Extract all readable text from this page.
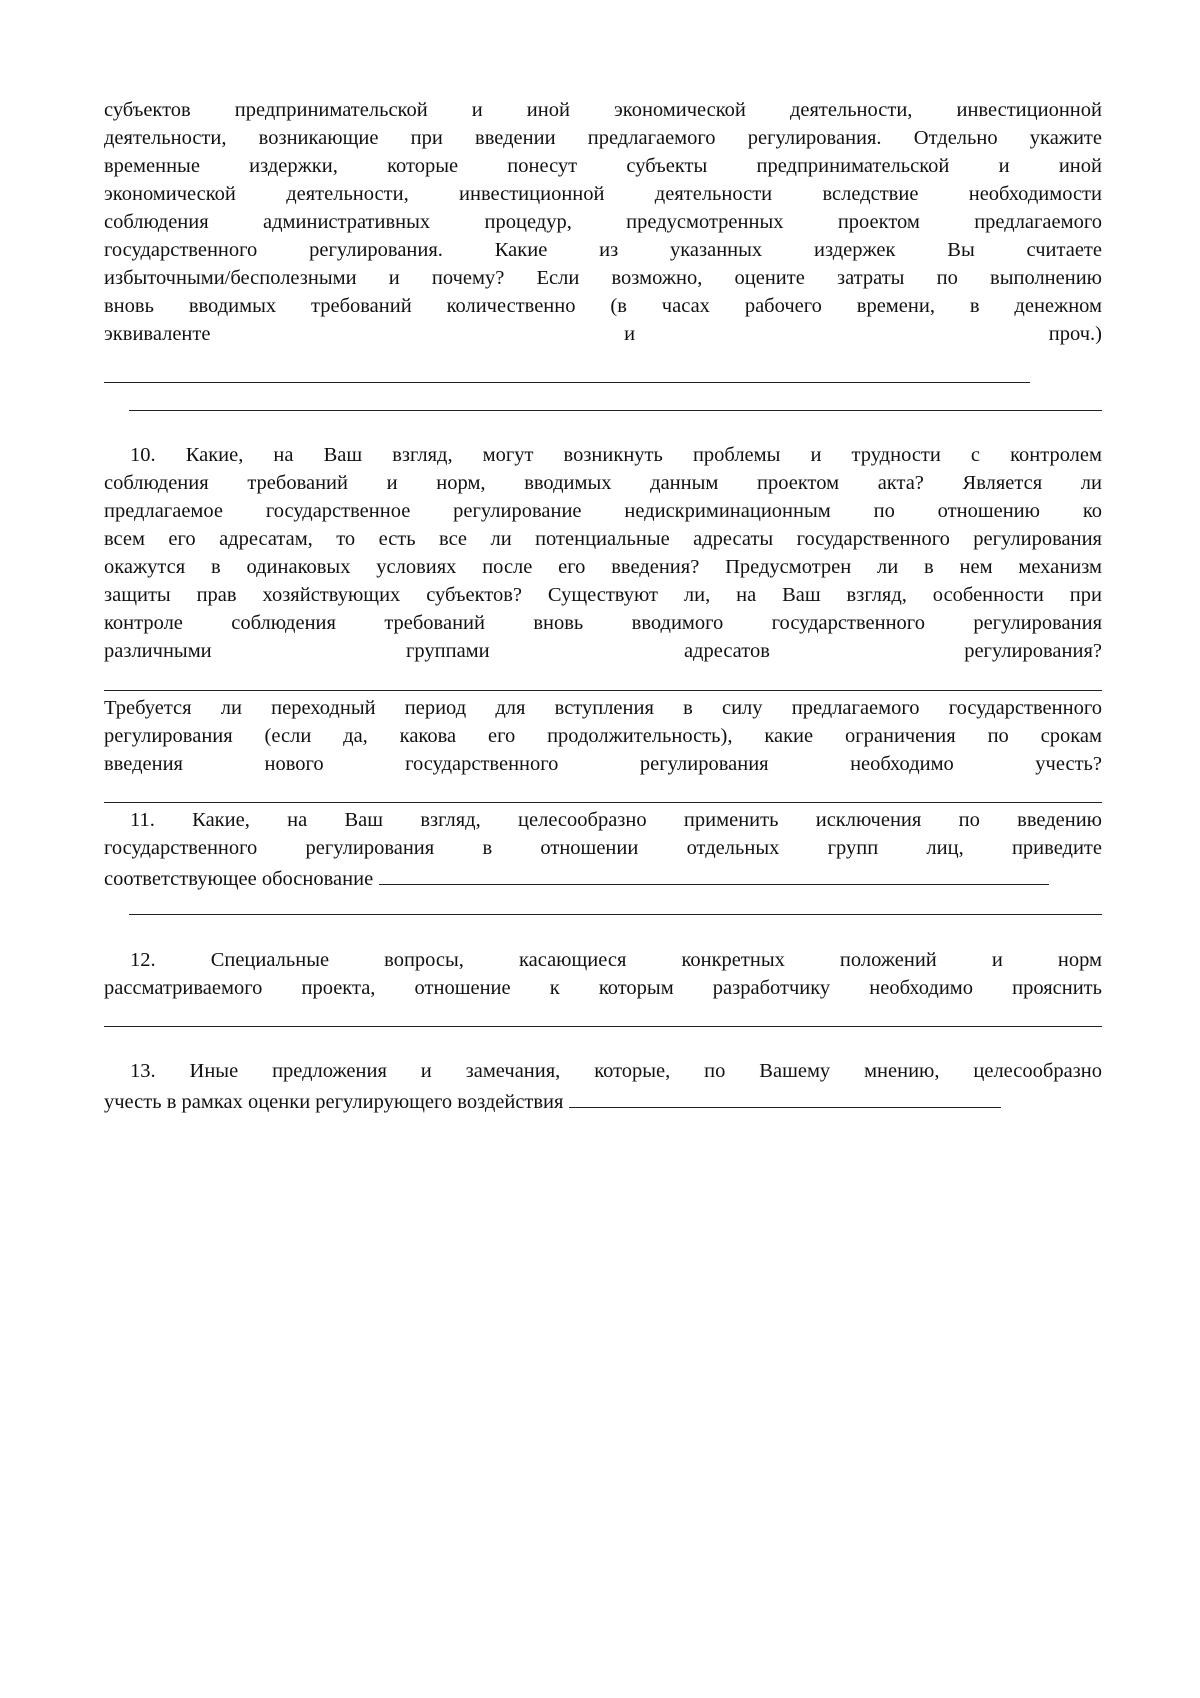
субъектов предпринимательской и иной экономической деятельности, инвестиционной
деятельности, возникающие при введении предлагаемого регулирования. Отдельно укажите
временные издержки, которые понесут субъекты предпринимательской и иной
экономической деятельности, инвестиционной деятельности вследствие необходимости
соблюдения административных процедур, предусмотренных проектом предлагаемого
государственного регулирования. Какие из указанных издержек Вы считаете
избыточными/бесполезными и почему? Если возможно, оцените затраты по выполнению
вновь вводимых требований количественно (в часах рабочего времени, в денежном
эквиваленте и проч.)
10. Какие, на Ваш взгляд, могут возникнуть проблемы и трудности с контролем
соблюдения требований и норм, вводимых данным проектом акта? Является ли
предлагаемое государственное регулирование недискриминационным по отношению ко
всем его адресатам, то есть все ли потенциальные адресаты государственного регулирования
окажутся в одинаковых условиях после его введения? Предусмотрен ли в нем механизм
защиты прав хозяйствующих субъектов? Существуют ли, на Ваш взгляд, особенности при
контроле соблюдения требований вновь вводимого государственного регулирования
различными группами адресатов регулирования?
Требуется ли переходный период для вступления в силу предлагаемого государственного
регулирования (если да, какова его продолжительность), какие ограничения по срокам
введения нового государственного регулирования необходимо учесть?
11. Какие, на Ваш взгляд, целесообразно применить исключения по введению
государственного регулирования в отношении отдельных групп лиц, приведите
соответствующее обоснование
12. Специальные вопросы, касающиеся конкретных положений и норм
рассматриваемого проекта, отношение к которым разработчику необходимо прояснить
13. Иные предложения и замечания, которые, по Вашему мнению, целесообразно
учесть в рамках оценки регулирующего воздействия
